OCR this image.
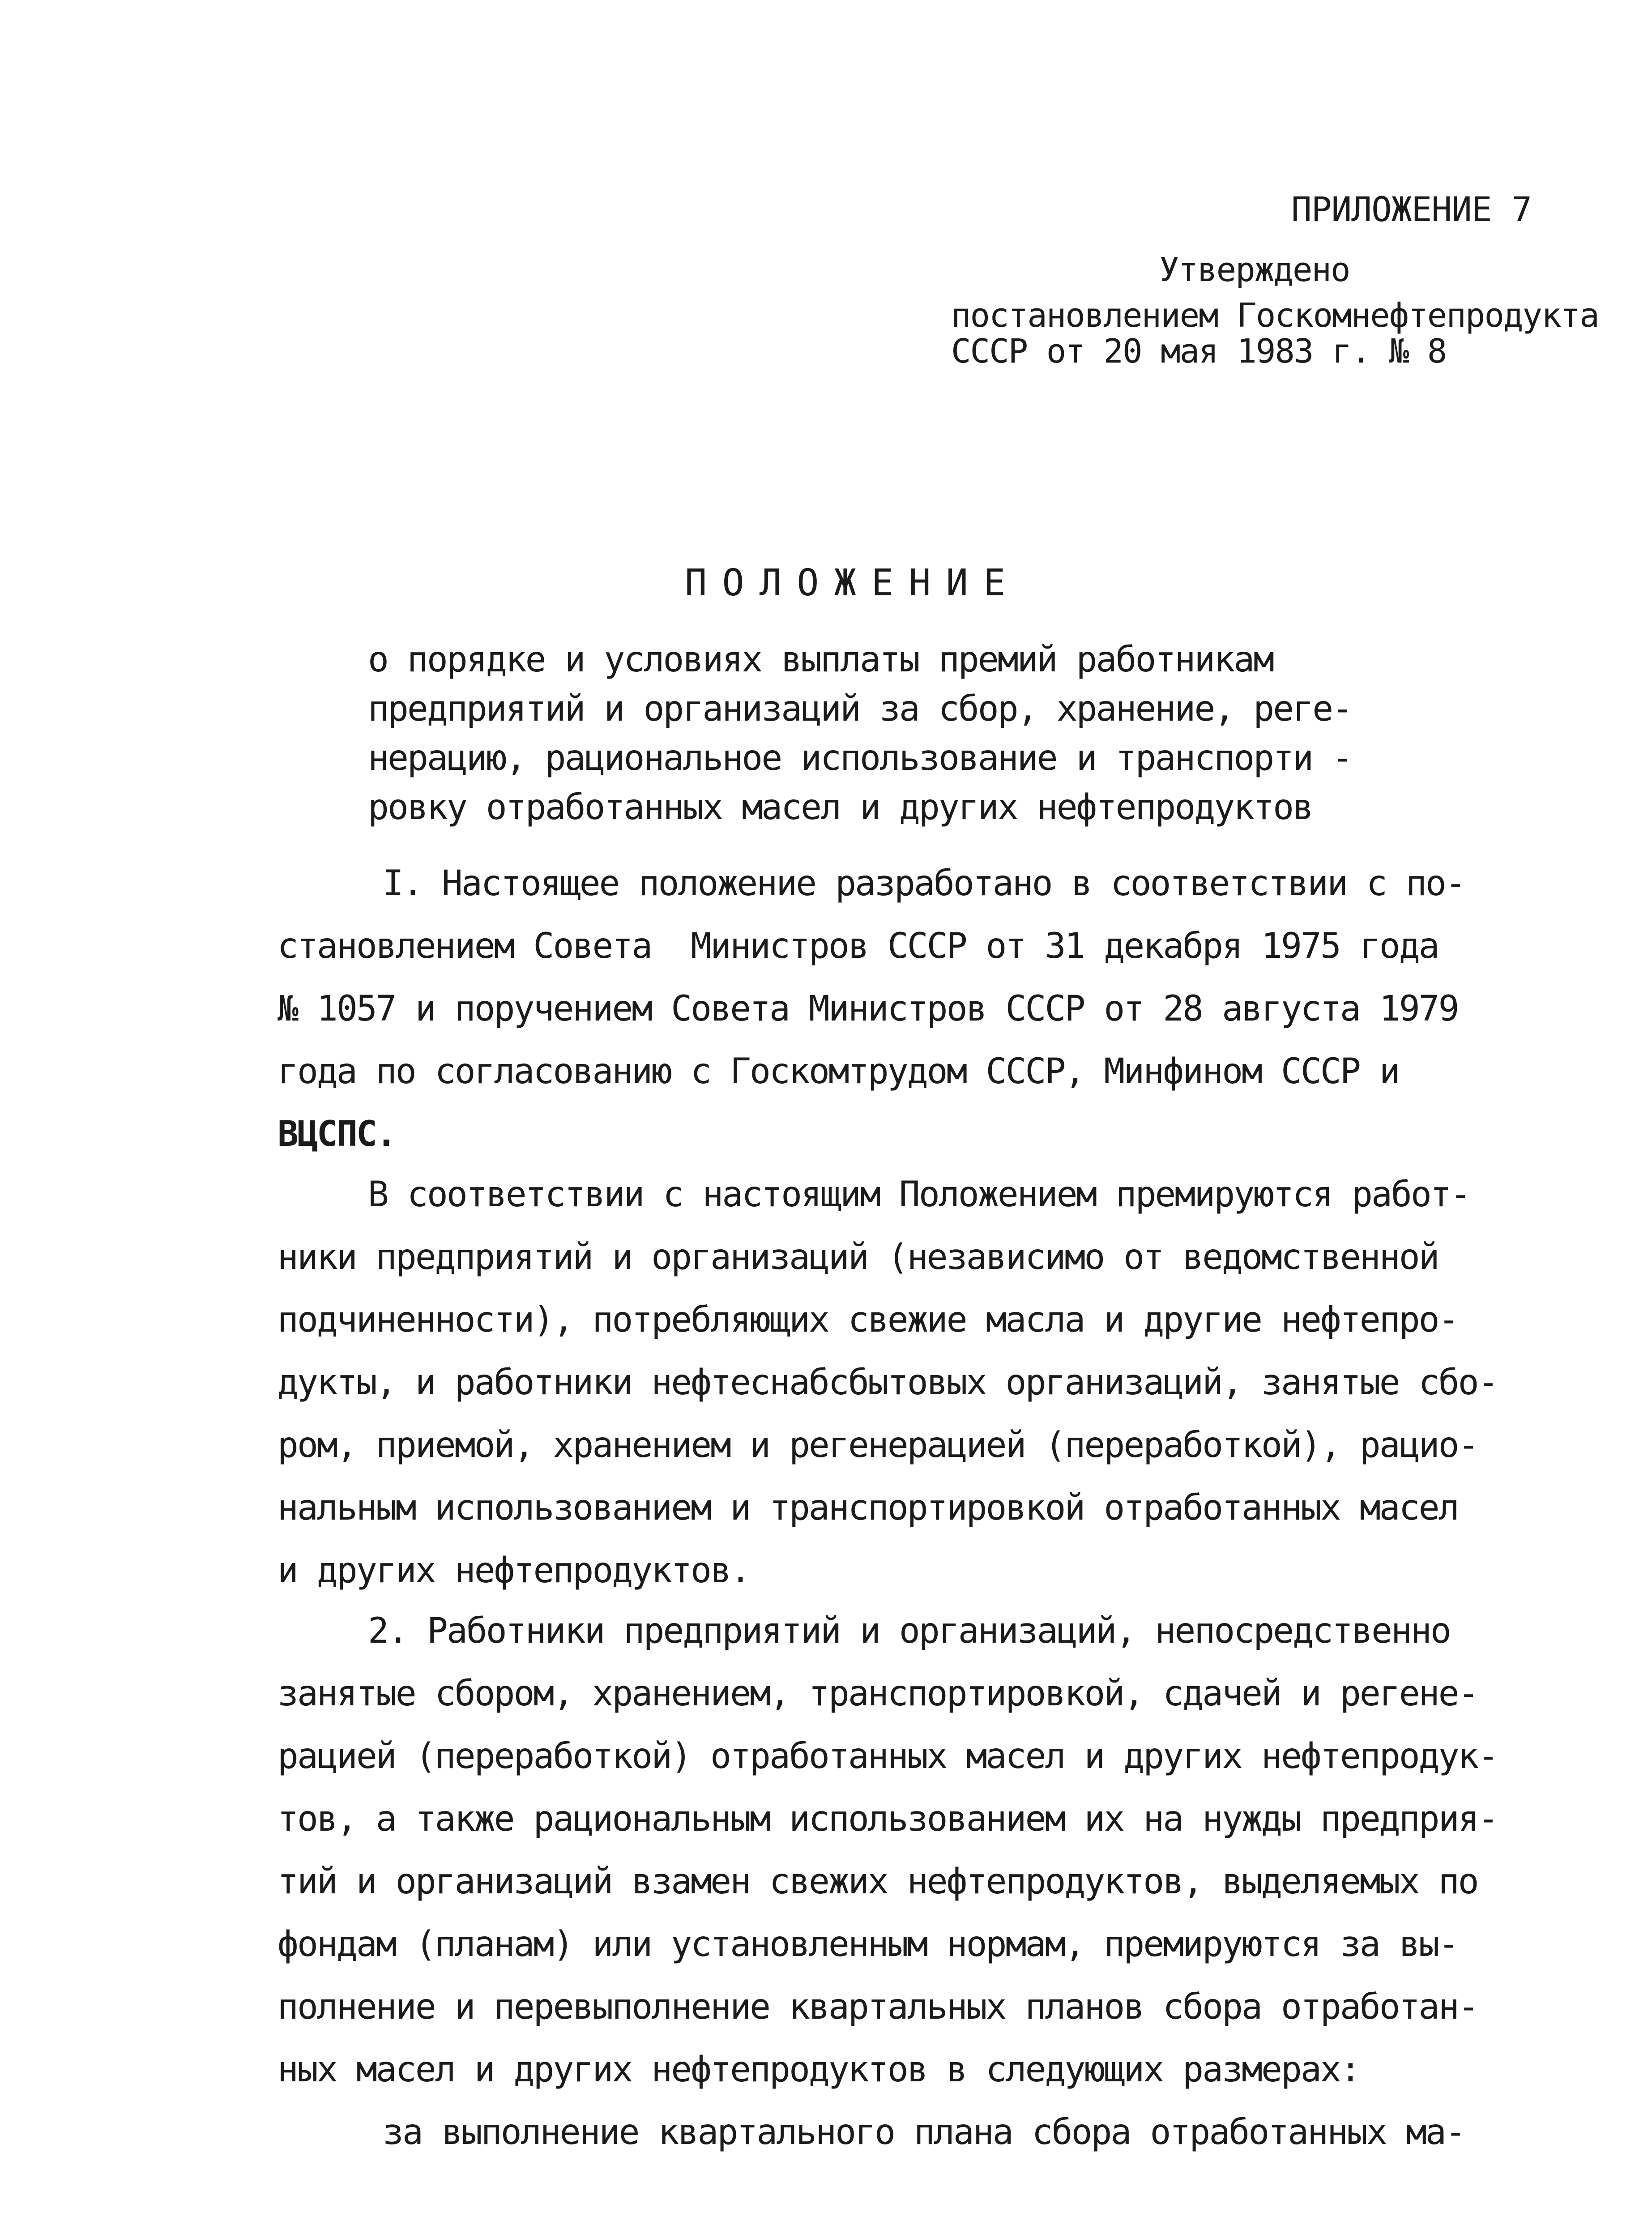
ПРИЛОЖЕНИЕ 7
Утверждено
постановлением Госкомнефтепродукта
СССР от 20 мая 1983 г. № 8
ПОЛОЖЕНИЕ
о порядке и условиях выплаты премий работникам
предприятий и организаций за сбор, хранение, реге-
нерацию, рациональное использование и транспорти -
ровку отработанных масел и других нефтепродуктов
I. Настоящее положение разработано в соответствии с по-
становлением Совета  Министров СССР от 31 декабря 1975 года
№ 1057 и поручением Совета Министров СССР от 28 августа 1979
года по согласованию с Госкомтрудом СССР, Минфином СССР и
ВЦСПС.
В соответствии с настоящим Положением премируются работ-
ники предприятий и организаций (независимо от ведомственной
подчиненности), потребляющих свежие масла и другие нефтепро-
дукты, и работники нефтеснабсбытовых организаций, занятые сбо-
ром, приемой, хранением и регенерацией (переработкой), рацио-
нальным использованием и транспортировкой отработанных масел
и других нефтепродуктов.
2. Работники предприятий и организаций, непосредственно
занятые сбором, хранением, транспортировкой, сдачей и регене-
рацией (переработкой) отработанных масел и других нефтепродук-
тов, а также рациональным использованием их на нужды предприя-
тий и организаций взамен свежих нефтепродуктов, выделяемых по
фондам (планам) или установленным нормам, премируются за вы-
полнение и перевыполнение квартальных планов сбора отработан-
ных масел и других нефтепродуктов в следующих размерах:
за выполнение квартального плана сбора отработанных ма-
